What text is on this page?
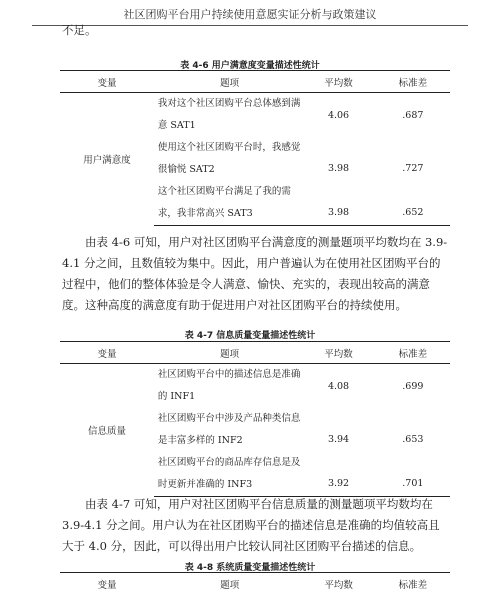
社区团购平台用户持续使用意愿实证分析与政策建议
不足。
表 4-6 用户满意度变量描述性统计
变量	题项	平均数	标准差
用户满意度	我对这个社区团购平台总体感到满意 SAT1	4.06	.687
	使用这个社区团购平台时，我感觉很愉悦 SAT2	3.98	.727
	这个社区团购平台满足了我的需求，我非常高兴 SAT3	3.98	.652
由表 4-6 可知，用户对社区团购平台满意度的测量题项平均数均在 3.9-4.1 分之间，且数值较为集中。因此，用户普遍认为在使用社区团购平台的过程中，他们的整体体验是令人满意、愉快、充实的，表现出较高的满意度。这种高度的满意度有助于促进用户对社区团购平台的持续使用。
表 4-7 信息质量变量描述性统计
变量	题项	平均数	标准差
信息质量	社区团购平台中的描述信息是准确的 INF1	4.08	.699
	社区团购平台中涉及产品种类信息是丰富多样的 INF2	3.94	.653
	社区团购平台的商品库存信息是及时更新并准确的 INF3	3.92	.701
由表 4-7 可知，用户对社区团购平台信息质量的测量题项平均数均在 3.9-4.1 分之间。用户认为在社区团购平台的描述信息是准确的均值较高且大于 4.0 分，因此，可以得出用户比较认同社区团购平台描述的信息。
表 4-8 系统质量变量描述性统计
变量	题项	平均数	标准差
